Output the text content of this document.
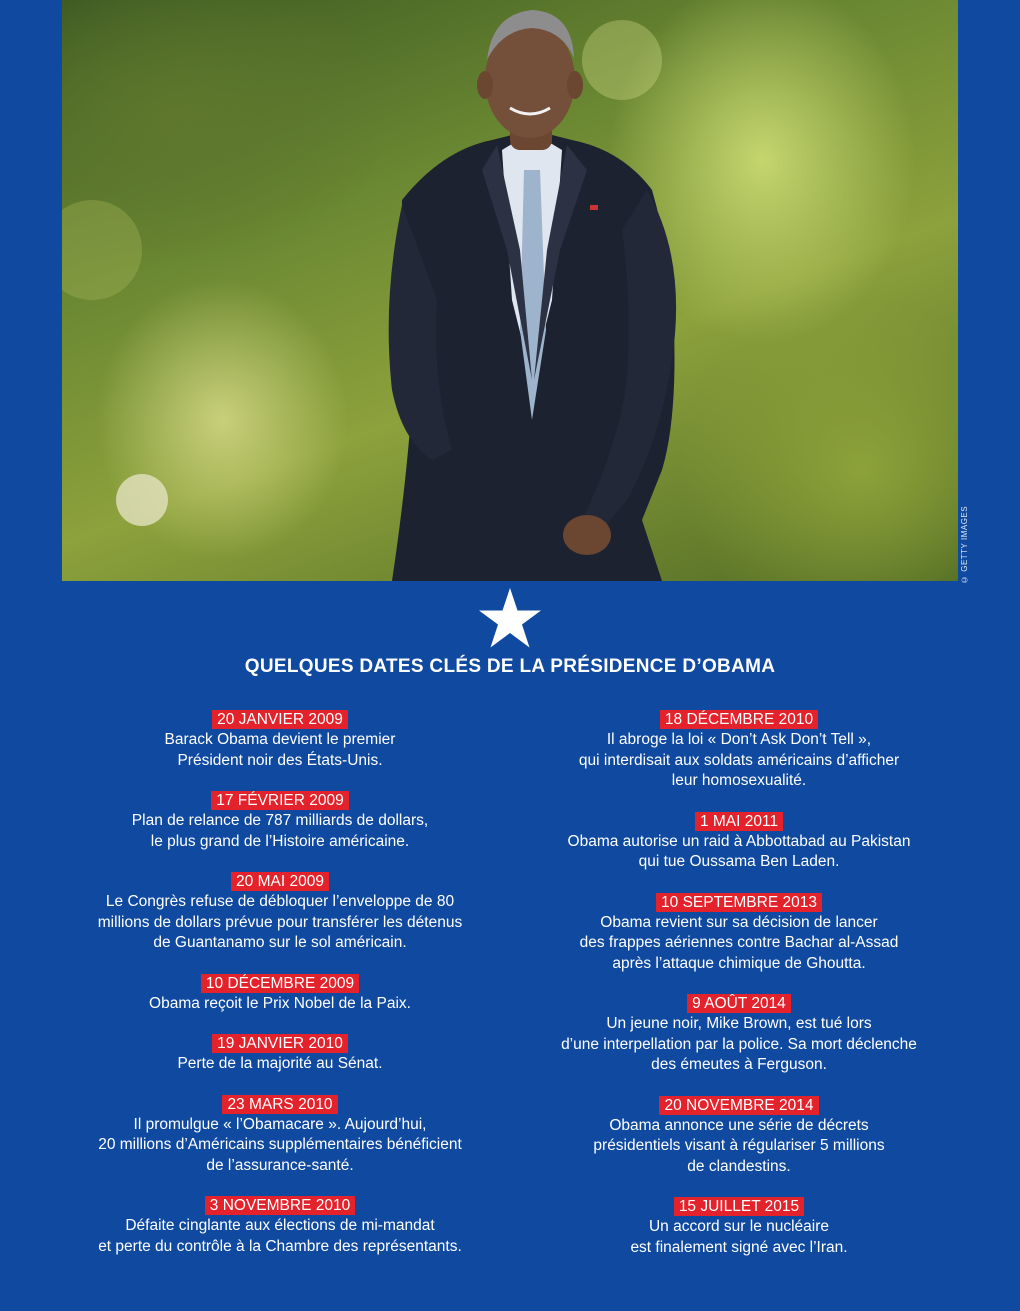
© GETTY IMAGES
QUELQUES DATES CLÉS DE LA PRÉSIDENCE D’OBAMA
20 JANVIER 2009
Barack Obama devient le premier
Président noir des États-Unis.
17 FÉVRIER 2009
Plan de relance de 787 milliards de dollars,
le plus grand de l’Histoire américaine.
20 MAI 2009
Le Congrès refuse de débloquer l’enveloppe de 80
millions de dollars prévue pour transférer les détenus
de Guantanamo sur le sol américain.
10 DÉCEMBRE 2009
Obama reçoit le Prix Nobel de la Paix.
19 JANVIER 2010
Perte de la majorité au Sénat.
23 MARS 2010
Il promulgue « l’Obamacare ». Aujourd’hui,
20 millions d’Américains supplémentaires bénéficient
de l’assurance-santé.
3 NOVEMBRE 2010
Défaite cinglante aux élections de mi-mandat
et perte du contrôle à la Chambre des représentants.
18 DÉCEMBRE 2010
Il abroge la loi « Don’t Ask Don’t Tell »,
qui interdisait aux soldats américains d’afficher
leur homosexualité.
1 MAI 2011
Obama autorise un raid à Abbottabad au Pakistan
qui tue Oussama Ben Laden.
10 SEPTEMBRE 2013
Obama revient sur sa décision de lancer
des frappes aériennes contre Bachar al-Assad
après l’attaque chimique de Ghoutta.
9 AOÛT 2014
Un jeune noir, Mike Brown, est tué lors
d’une interpellation par la police. Sa mort déclenche
des émeutes à Ferguson.
20 NOVEMBRE 2014
Obama annonce une série de décrets
présidentiels visant à régulariser 5 millions
de clandestins.
15 JUILLET 2015
Un accord sur le nucléaire
est finalement signé avec l’Iran.
